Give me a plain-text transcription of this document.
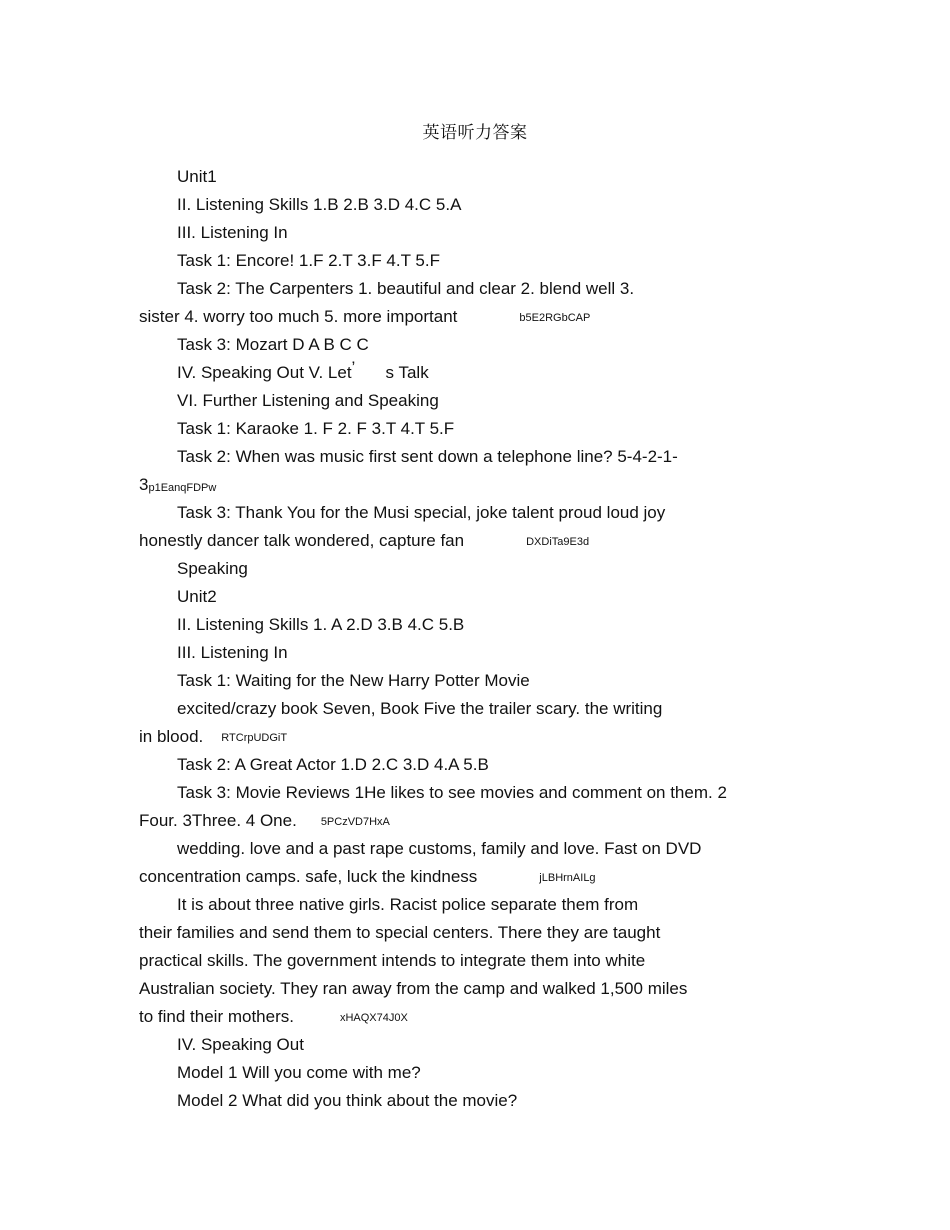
英语听力答案
Unit1
II. Listening Skills 1.B 2.B 3.D 4.C 5.A
III. Listening In
Task 1: Encore! 1.F 2.T 3.F 4.T 5.F
Task 2: The Carpenters 1. beautiful and clear 2. blend well 3.
sister 4. worry too much 5. more important	b5E2RGbCAP
Task 3: Mozart D A B C C
IV. Speaking Out V. Let’ s Talk
VI. Further Listening and Speaking
Task 1: Karaoke 1. F 2. F 3.T 4.T 5.F
Task 2: When was music first sent down a telephone line? 5-4-2-1-
3p1EanqFDPw
Task 3: Thank You for the Musi special, joke talent proud loud joy
honestly dancer talk wondered, capture fan	DXDiTa9E3d
Speaking
Unit2
II. Listening Skills 1. A 2.D 3.B 4.C 5.B
III. Listening In
Task 1: Waiting for the New Harry Potter Movie
excited/crazy book Seven, Book Five the trailer scary. the writing
in blood. RTCrpUDGiT
Task 2: A Great Actor 1.D 2.C 3.D 4.A 5.B
Task 3: Movie Reviews 1He likes to see movies and comment on them. 2
Four. 3Three. 4 One. 5PCzVD7HxA
wedding. love and a past rape customs, family and love. Fast on DVD
concentration camps. safe, luck the kindness	jLBHrnAILg
It is about three native girls. Racist police separate them from
their families and send them to special centers. There they are taught
practical skills. The government intends to integrate them into white
Australian society. They ran away from the camp and walked 1,500 miles
to find their mothers.	xHAQX74J0X
IV. Speaking Out
Model 1 Will you come with me?
Model 2 What did you think about the movie?
